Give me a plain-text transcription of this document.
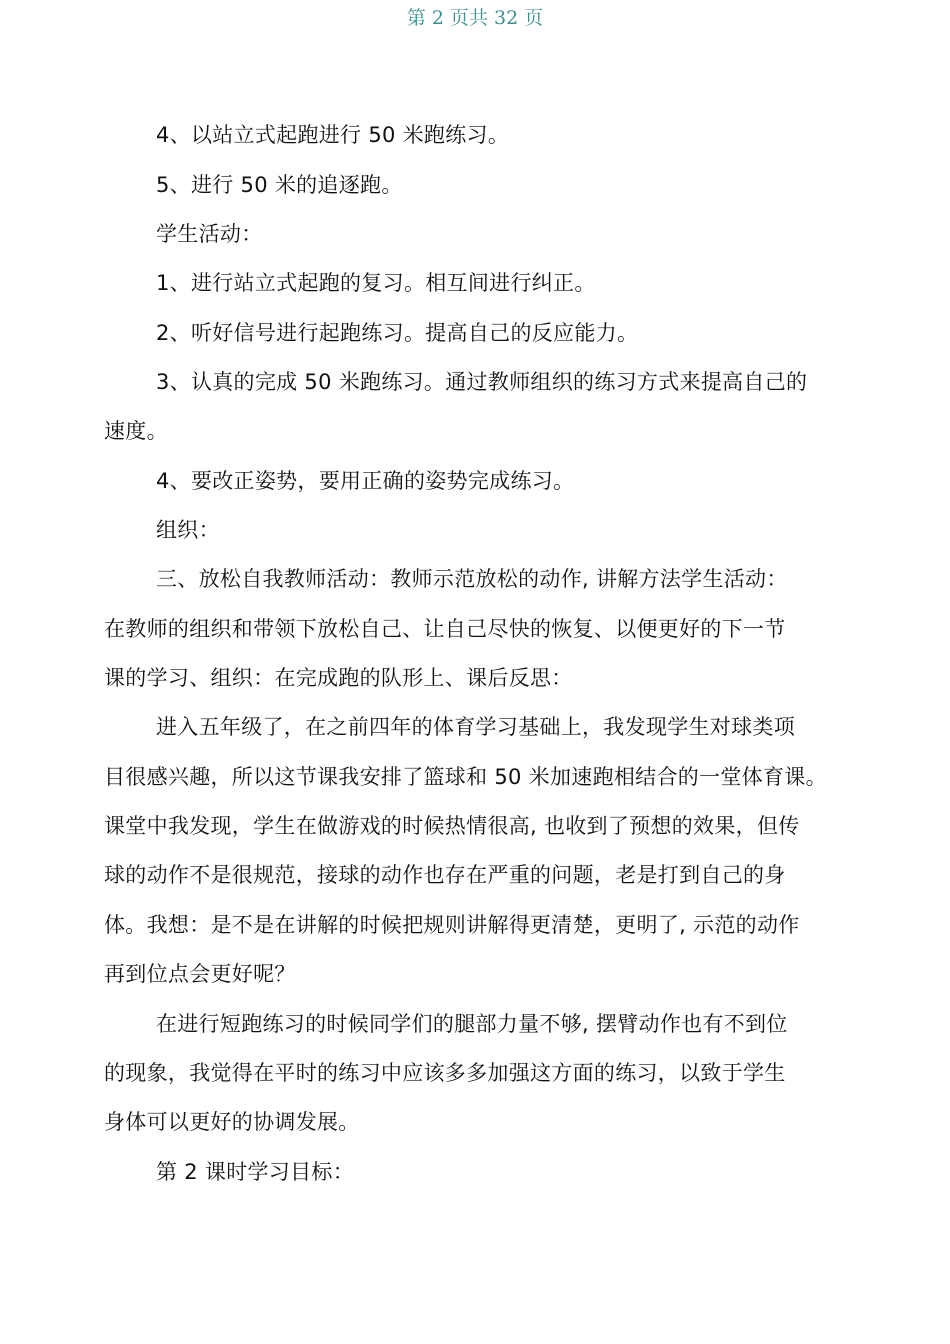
第 2 页共 32 页
4、以站立式起跑进行 50 米跑练习。
5、进行 50 米的追逐跑。
学生活动：
1、进行站立式起跑的复习。相互间进行纠正。
2、听好信号进行起跑练习。提高自己的反应能力。
3、认真的完成 50 米跑练习。通过教师组织的练习方式来提高自己的
速度。
4、要改正姿势，要用正确的姿势完成练习。
组织：
三、放松自我教师活动：教师示范放松的动作, 讲解方法学生活动：
在教师的组织和带领下放松自己、让自己尽快的恢复、以便更好的下一节
课的学习、组织：在完成跑的队形上、课后反思：
进入五年级了，在之前四年的体育学习基础上，我发现学生对球类项
目很感兴趣，所以这节课我安排了篮球和 50 米加速跑相结合的一堂体育课。
课堂中我发现，学生在做游戏的时候热情很高, 也收到了预想的效果，但传
球的动作不是很规范，接球的动作也存在严重的问题，老是打到自己的身
体。我想：是不是在讲解的时候把规则讲解得更清楚，更明了, 示范的动作
再到位点会更好呢？
在进行短跑练习的时候同学们的腿部力量不够, 摆臂动作也有不到位
的现象，我觉得在平时的练习中应该多多加强这方面的练习，以致于学生
身体可以更好的协调发展。
第 2 课时学习目标：
